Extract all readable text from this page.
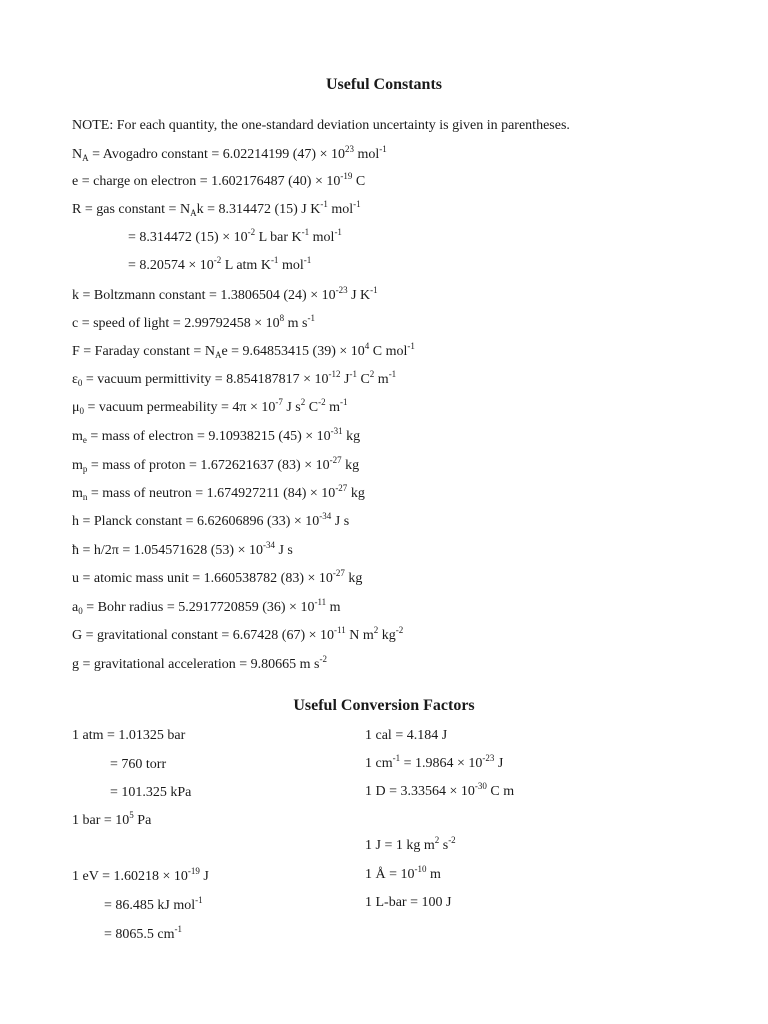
Useful Constants
NOTE: For each quantity, the one-standard deviation uncertainty is given in parentheses.
$N_A$ = Avogadro constant = 6.02214199 $(47) \times 10^{23}$ mol$^{-1}$
e = charge on electron = 1.602176487 $(40) \times 10^{-19}$ C
R = gas constant = $N_Ak = 8.314472$ (15) J $K^{-1}$ mol$^{-1}$
= 8.314472 $(15) \times 10^{-2}$ L bar $K^{-1}$ mol$^{-1}$
= $8.20574 \times 10^{-2}$ L atm $K^{-1}$ mol$^{-1}$
k = Boltzmann constant = 1.3806504 $(24) \times 10^{-23}$ J $K^{-1}$
c = speed of light = $2.99792458 \times 10^8$ m $s^{-1}$
F = Faraday constant = $N_Ae = 9.64853415$ $(39) \times 10^4$ C mol$^{-1}$
$\varepsilon_0$ = vacuum permittivity = $8.854187817 \times 10^{-12}$ $J^{-1}$ $C^2$ $m^{-1}$
$\mu_0$ = vacuum permeability = $4\pi \times 10^{-7}$ J $s^2$ $C^{-2}$ $m^{-1}$
$m_e$ = mass of electron = 9.10938215 $(45) \times 10^{-31}$ kg
$m_p$ = mass of proton = 1.672621637 $(83) \times 10^{-27}$ kg
$m_n$ = mass of neutron = 1.674927211 $(84) \times 10^{-27}$ kg
h = Planck constant = 6.62606896 $(33) \times 10^{-34}$ J s
ħ = h/2π = 1.054571628 $(53) \times 10^{-34}$ J s
u = atomic mass unit = 1.660538782 $(83) \times 10^{-27}$ kg
$a_0$ = Bohr radius = 5.2917720859 $(36) \times 10^{-11}$ m
G = gravitational constant = 6.67428 $(67) \times 10^{-11}$ N $m^2$ $kg^{-2}$
g = gravitational acceleration = 9.80665 m $s^{-2}$
Useful Conversion Factors
1 atm = 1.01325 bar
= 760 torr
= 101.325 kPa
1 bar = $10^5$ Pa
1 eV = $1.60218 \times 10^{-19}$ J
= 86.485 kJ mol$^{-1}$
= 8065.5 $cm^{-1}$
1 cal = 4.184 J
1 $cm^{-1} = 1.9864 \times 10^{-23}$ J
1 $D = 3.33564 \times 10^{-30}$ C m
1 J = 1 kg $m^2$ $s^{-2}$
1 Å = $10^{-10}$ m
1 L-bar = 100 J
